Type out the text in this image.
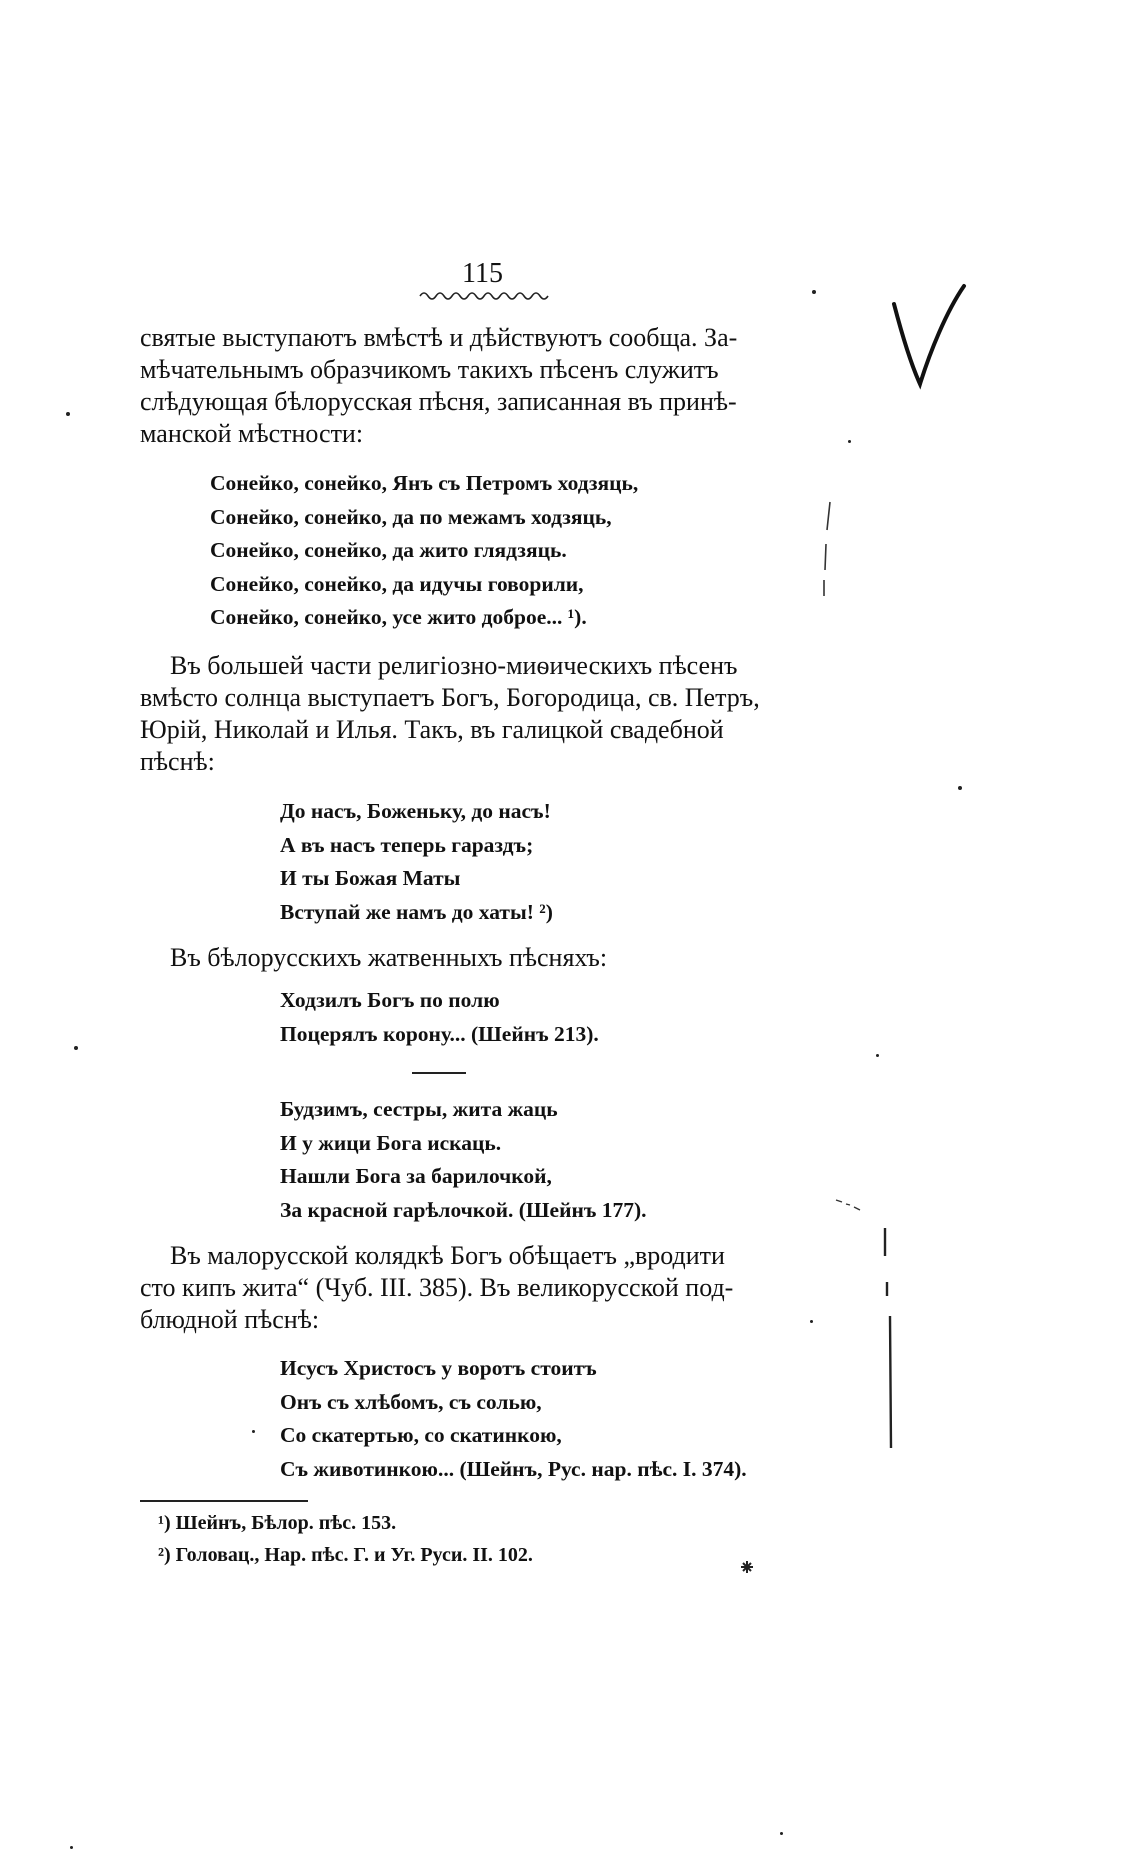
115
святые выступаютъ вмѣстѣ и дѣйствуютъ сообща. За-
мѣчательнымъ образчикомъ такихъ пѣсенъ служитъ
слѣдующая бѣлорусская пѣсня, записанная въ принѣ-
манской мѣстности:
Сонейко, сонейко, Янъ съ Петромъ ходзяць,
Сонейко, сонейко, да по межамъ ходзяць,
Сонейко, сонейко, да жито глядзяць.
Сонейко, сонейко, да идучы говорили,
Сонейко, сонейко, усе жито доброе... ¹).
Въ большей части религіозно-миѳическихъ пѣсенъ
вмѣсто солнца выступаетъ Богъ, Богородица, св. Петръ,
Юрій, Николай и Илья. Такъ, въ галицкой свадебной
пѣснѣ:
До насъ, Боженьку, до насъ!
А въ насъ теперь гараздъ;
И ты Божая Маты
Вступай же намъ до хаты! ²)
Въ бѣлорусскихъ жатвенныхъ пѣсняхъ:
Ходзилъ Богъ по полю
Поцерялъ корону... (Шейнъ 213).
Будзимъ, сестры, жита жаць
И у жици Бога искаць.
Нашли Бога за барилочкой,
За красной гарѣлочкой. (Шейнъ 177).
Въ малорусской колядкѣ Богъ обѣщаетъ „вродити
сто кипъ жита“ (Чуб. III. 385). Въ великорусской под-
блюдной пѣснѣ:
Исусъ Христосъ у воротъ стоитъ
Онъ съ хлѣбомъ, съ солью,
Со скатертью, со скатинкою,
Съ животинкою... (Шейнъ, Рус. нар. пѣс. I. 374).
¹) Шейнъ, Бѣлор. пѣс. 153.
²) Головац., Нар. пѣс. Г. и Уг. Руси. II. 102.
